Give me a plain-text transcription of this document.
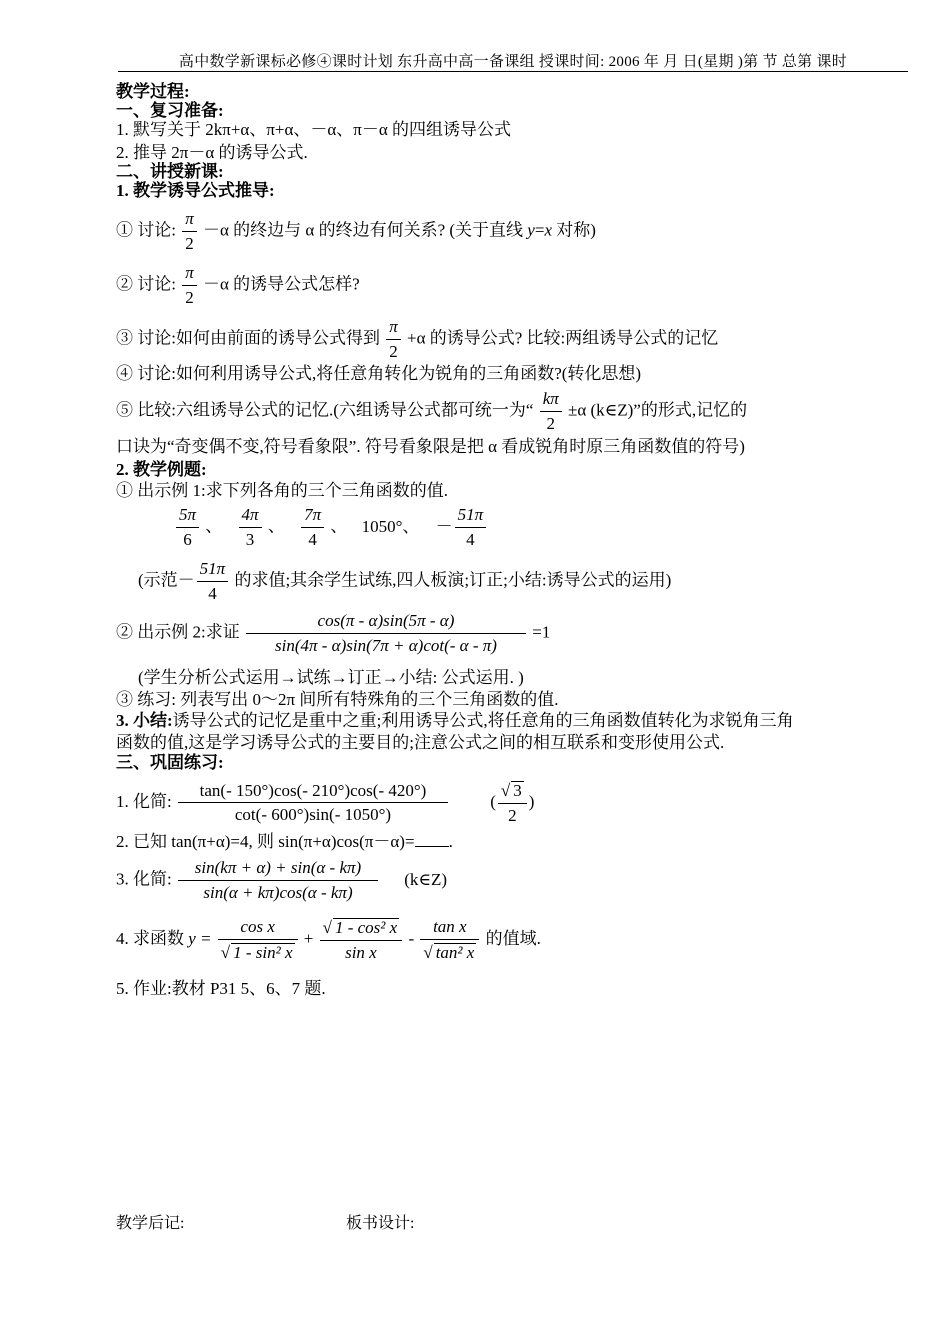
高中数学新课标必修④课时计划 东升高中高一备课组 授课时间: 2006 年 月 日(星期 )第 节 总第 课时
教学过程:
一、复习准备:
1. 默写关于 2kπ+α、π+α、－α、π－α 的四组诱导公式
2. 推导 2π－α 的诱导公式.
二、讲授新课:
1. 教学诱导公式推导:
① 讨论: $\frac{\pi}{2} -\alpha$ 的终边与 α 的终边有何关系? (关于直线 y=x 对称)
② 讨论: $\frac{\pi}{2} -\alpha$ 的诱导公式怎样?
③ 讨论:如何由前面的诱导公式得到 $\frac{\pi}{2} +\alpha$ 的诱导公式? 比较:两组诱导公式的记忆
④ 讨论:如何利用诱导公式,将任意角转化为锐角的三角函数?(转化思想)
⑤ 比较:六组诱导公式的记忆.(六组诱导公式都可统一为“ $\frac{k\pi}{2} \pm\alpha$ (k∈Z)”的形式,记忆的
口诀为“奇变偶不变,符号看象限”. 符号看象限是把 α 看成锐角时原三角函数值的符号)
2. 教学例题:
① 出示例 1:求下列各角的三个三角函数的值.
$\frac{5\pi}{6}$ 、 $\frac{4\pi}{3}$ 、 $\frac{7\pi}{4}$ 、 1050°、 － $\frac{51\pi}{4}$
(示范－ $\frac{51\pi}{4}$ 的求值;其余学生试练,四人板演;订正;小结:诱导公式的运用)
② 出示例 2:求证 $\frac{\cos(\pi - \alpha)\sin(5\pi - \alpha)}{\sin(4\pi - \alpha)\sin(7\pi + \alpha)\cot(- \alpha - \pi)} =1$
(学生分析公式运用→试练→订正→小结: 公式运用. )
③ 练习: 列表写出 0～2π 间所有特殊角的三个三角函数的值.
3. 小结:诱导公式的记忆是重中之重;利用诱导公式,将任意角的三角函数值转化为求锐角三角
函数的值,这是学习诱导公式的主要目的;注意公式之间的相互联系和变形使用公式.
三、巩固练习:
1. 化简: $\frac{\tan(- 150^\circ)\cos(- 210^\circ)\cos(- 420^\circ)}{\cot(- 600^\circ)\sin(- 1050^\circ)}$ ( $\frac{√ 3}{2}$ )
2. 已知 tan(π+α)=4, 则 sin(π+α)cos(π－α)= .
3. 化简: $\frac{\sin(k\pi + \alpha) + \sin(\alpha - k\pi)}{\sin(\alpha + k\pi)\cos(\alpha - k\pi)}$ (k∈Z)
4. 求函数 $y = \frac{\text{cos x}}{\text{√ 1 - sin² x}} + \frac{\text{√ 1 - cos² x}}{\text{sin x}} - \frac{\text{tan x}}{\text{√ tan² x}}$ 的值域.
5. 作业:教材 P31 5、6、7 题.
教学后记:	板书设计:
